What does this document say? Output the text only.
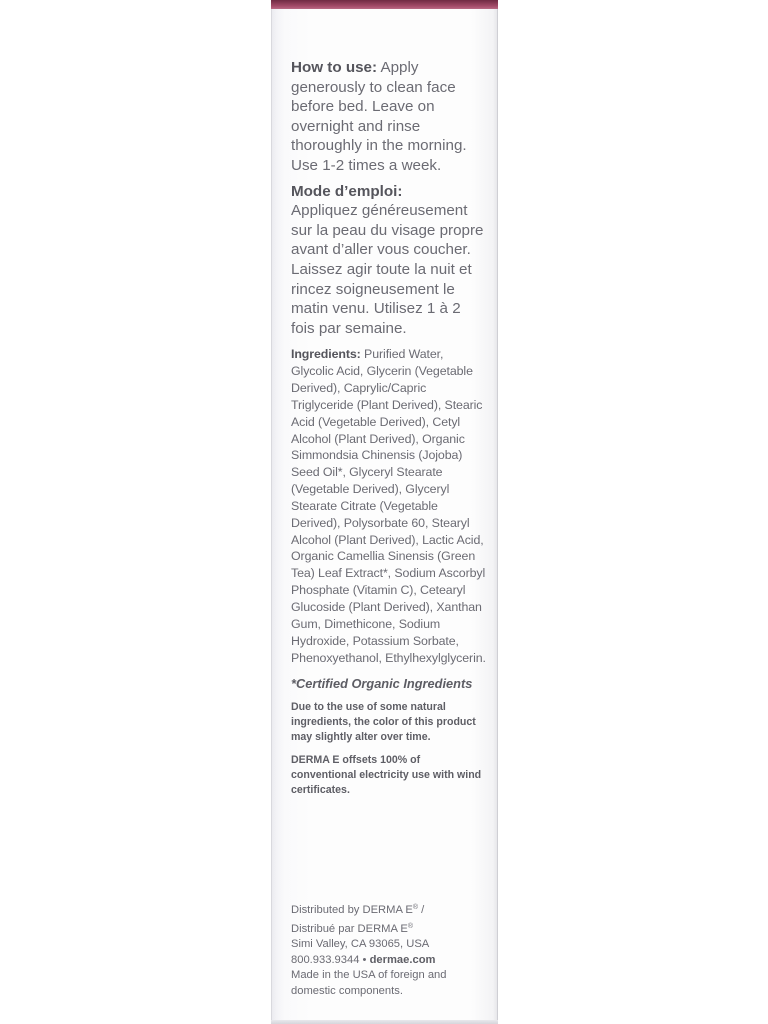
How to use: Apply generously to clean face before bed. Leave on overnight and rinse thoroughly in the morning. Use 1-2 times a week.

Mode d’emploi:
Appliquez généreusement sur la peau du visage propre avant d’aller vous coucher. Laissez agir toute la nuit et rincez soigneusement le matin venu. Utilisez 1 à 2 fois par semaine.

Ingredients: Purified Water, Glycolic Acid, Glycerin (Vegetable Derived), Caprylic/Capric Triglyceride (Plant Derived), Stearic Acid (Vegetable Derived), Cetyl Alcohol (Plant Derived), Organic Simmondsia Chinensis (Jojoba) Seed Oil*, Glyceryl Stearate (Vegetable Derived), Glyceryl Stearate Citrate (Vegetable Derived), Polysorbate 60, Stearyl Alcohol (Plant Derived), Lactic Acid, Organic Camellia Sinensis (Green Tea) Leaf Extract*, Sodium Ascorbyl Phosphate (Vitamin C), Cetearyl Glucoside (Plant Derived), Xanthan Gum, Dimethicone, Sodium Hydroxide, Potassium Sorbate, Phenoxyethanol, Ethylhexylglycerin.

*Certified Organic Ingredients

Due to the use of some natural ingredients, the color of this product may slightly alter over time.

DERMA E offsets 100% of conventional electricity use with wind certificates.

Distributed by DERMA E® /
Distribué par DERMA E®
Simi Valley, CA 93065, USA
800.933.9344 • dermae.com
Made in the USA of foreign and domestic components.
